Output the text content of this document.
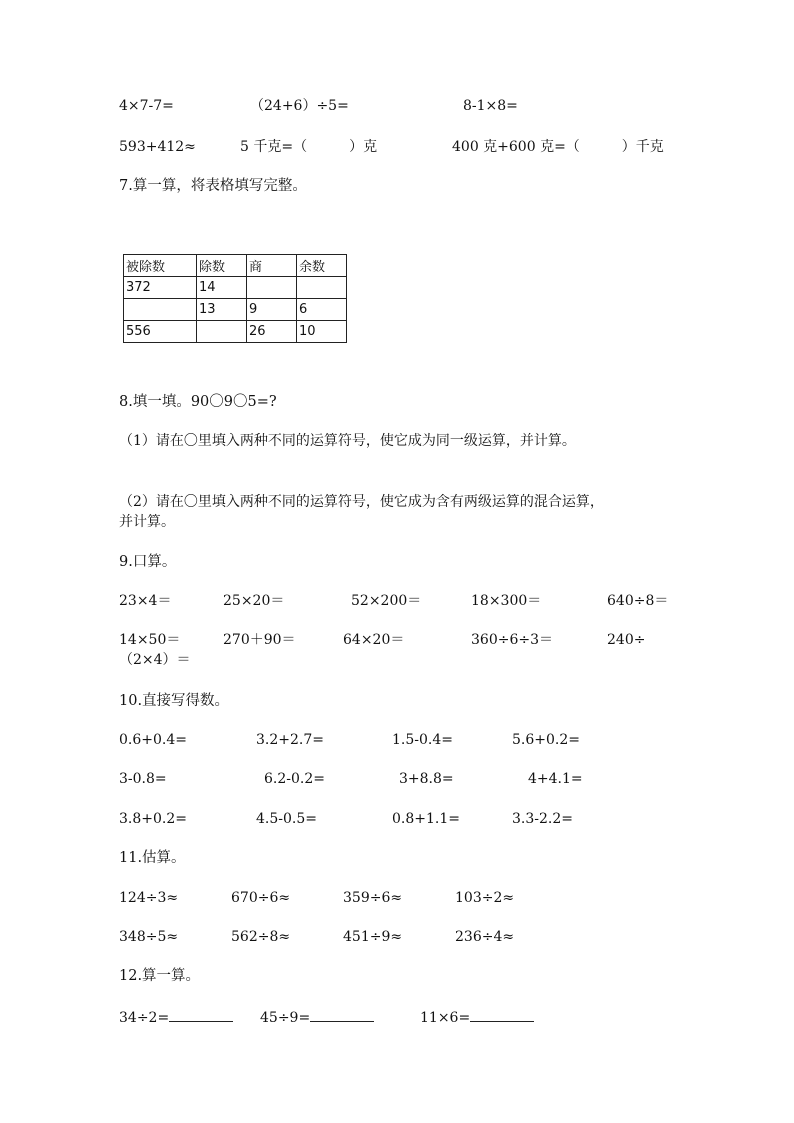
4×7-7=	（24+6）÷5=	8-1×8=
593+412≈	5 千克=（　　　）克	400 克+600 克=（　　　）千克
7.算一算，将表格填写完整。
被除数	除数	商	余数
372	14		
	13	9	6
556		26	10
8.填一填。90〇9〇5=?
（1）请在〇里填入两种不同的运算符号，使它成为同一级运算，并计算。
（2）请在〇里填入两种不同的运算符号，使它成为含有两级运算的混合运算，
并计算。
9.口算。
23×4＝	25×20＝	52×200＝	18×300＝	640÷8＝
14×50＝	270＋90＝	64×20＝	360÷6÷3＝	240÷
（2×4）＝
10.直接写得数。
0.6+0.4=	3.2+2.7=	1.5-0.4=	5.6+0.2=
3-0.8=	6.2-0.2=	3+8.8=	4+4.1=
3.8+0.2=	4.5-0.5=	0.8+1.1=	3.3-2.2=
11.估算。
124÷3≈	670÷6≈	359÷6≈	103÷2≈
348÷5≈	562÷8≈	451÷9≈	236÷4≈
12.算一算。
34÷2=	45÷9=	11×6=
